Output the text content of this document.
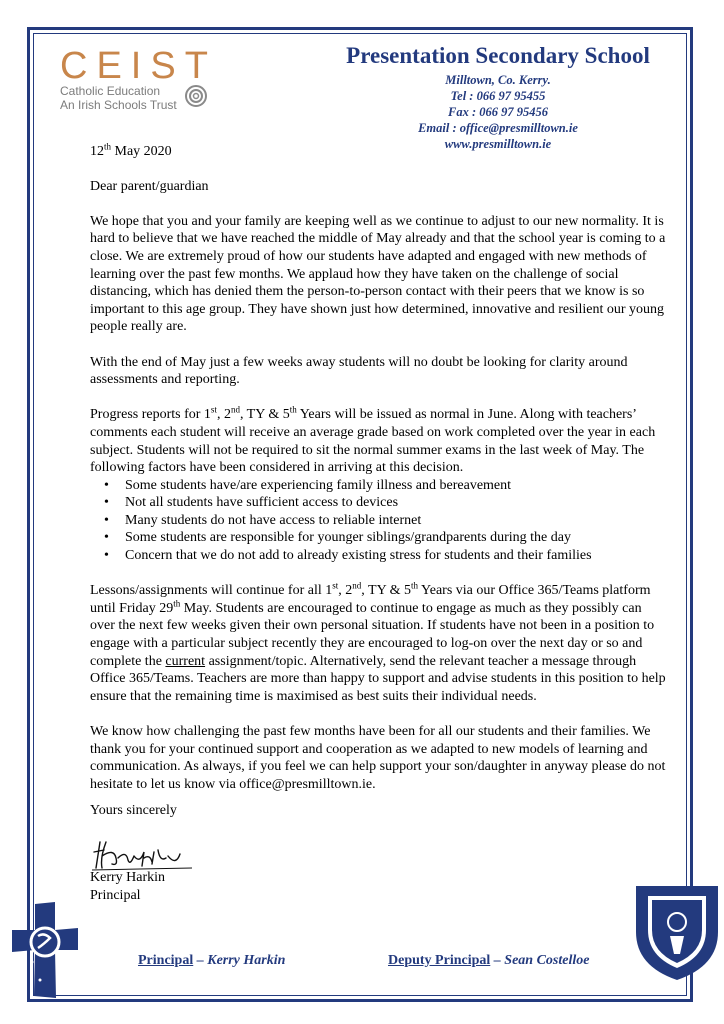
CEIST
Catholic Education
An Irish Schools Trust
Presentation Secondary School
Milltown, Co. Kerry.
Tel : 066 97 95455
Fax : 066 97 95456
Email : office@presmilltown.ie
www.presmilltown.ie

12th May 2020

Dear parent/guardian

We hope that you and your family are keeping well as we continue to adjust to our new normality. It is hard to believe that we have reached the middle of May already and that the school year is coming to a close. We are extremely proud of how our students have adapted and engaged with new methods of learning over the past few months. We applaud how they have taken on the challenge of social distancing, which has denied them the person-to-person contact with their peers that we know is so important to this age group. They have shown just how determined, innovative and resilient our young people really are.

With the end of May just a few weeks away students will no doubt be looking for clarity around assessments and reporting.

Progress reports for 1st, 2nd, TY & 5th Years will be issued as normal in June. Along with teachers’ comments each student will receive an average grade based on work completed over the year in each subject. Students will not be required to sit the normal summer exams in the last week of May. The following factors have been considered in arriving at this decision.

• Some students have/are experiencing family illness and bereavement
• Not all students have sufficient access to devices
• Many students do not have access to reliable internet
• Some students are responsible for younger siblings/grandparents during the day
• Concern that we do not add to already existing stress for students and their families

Lessons/assignments will continue for all 1st, 2nd, TY & 5th Years via our Office 365/Teams platform until Friday 29th May. Students are encouraged to continue to engage as much as they possibly can over the next few weeks given their own personal situation. If students have not been in a position to engage with a particular subject recently they are encouraged to log-on over the next day or so and complete the current assignment/topic. Alternatively, send the relevant teacher a message through Office 365/Teams. Teachers are more than happy to support and advise students in this position to help ensure that the remaining time is maximised as best suits their individual needs.

We know how challenging the past few months have been for all our students and their families. We thank you for your continued support and cooperation as we adapted to new models of learning and communication. As always, if you feel we can help support your son/daughter in anyway please do not hesitate to let us know via office@presmilltown.ie.

Yours sincerely
Kerry Harkin
Principal
Principal – Kerry Harkin	Deputy Principal – Sean Costelloe
